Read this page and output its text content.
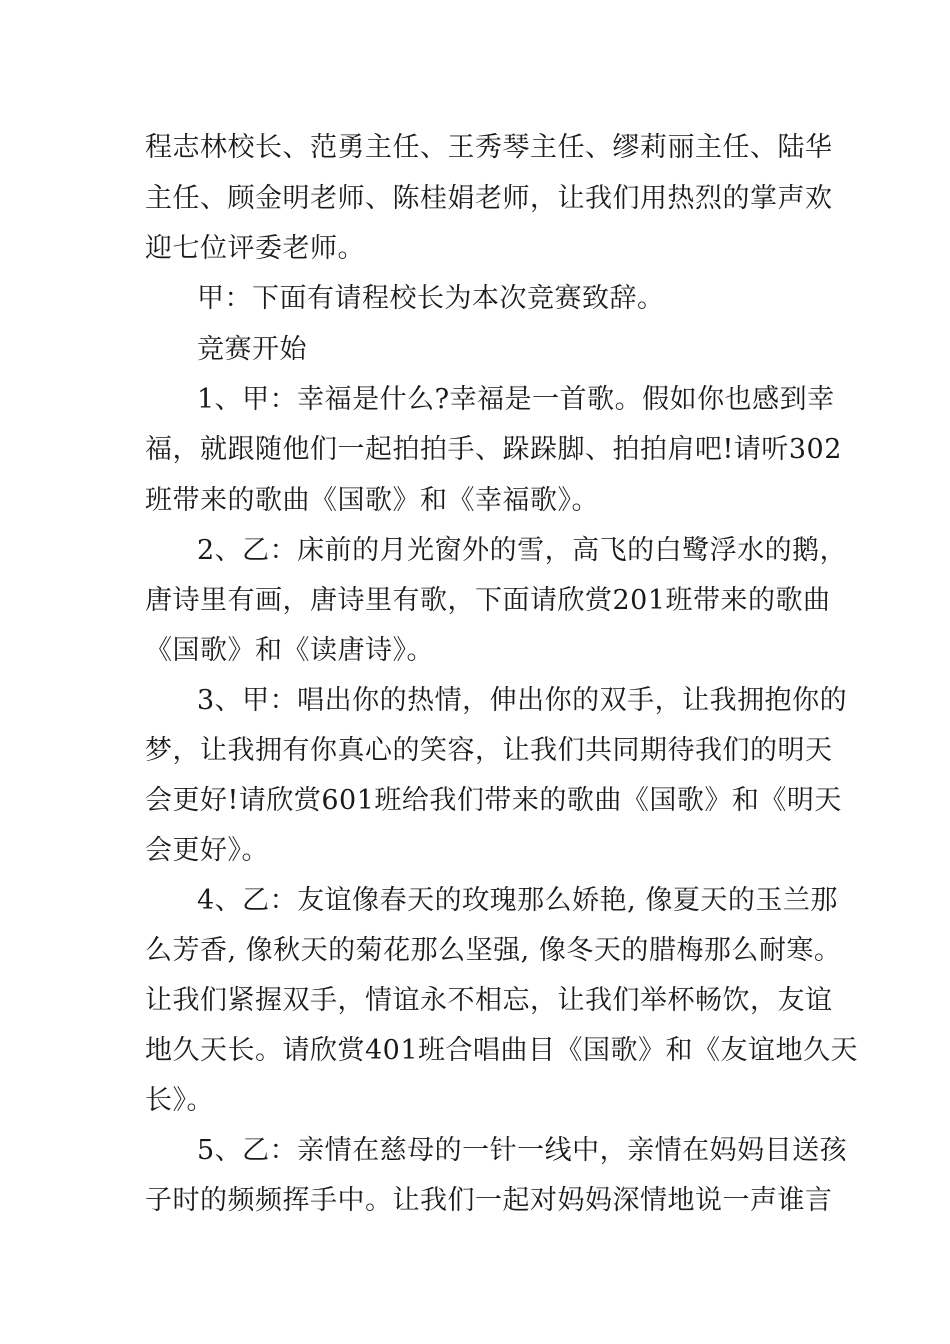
程志林校长、范勇主任、王秀琴主任、缪莉丽主任、陆华
主任、顾金明老师、陈桂娟老师，让我们用热烈的掌声欢
迎七位评委老师。
甲：下面有请程校长为本次竞赛致辞。
竞赛开始
1、甲：幸福是什么?幸福是一首歌。假如你也感到幸
福，就跟随他们一起拍拍手、跺跺脚、拍拍肩吧!请听302
班带来的歌曲《国歌》和《幸福歌》。
2、乙：床前的月光窗外的雪，高飞的白鹭浮水的鹅，
唐诗里有画，唐诗里有歌，下面请欣赏201班带来的歌曲
《国歌》和《读唐诗》。
3、甲：唱出你的热情，伸出你的双手，让我拥抱你的
梦，让我拥有你真心的笑容，让我们共同期待我们的明天
会更好!请欣赏601班给我们带来的歌曲《国歌》和《明天
会更好》。
4、乙：友谊像春天的玫瑰那么娇艳, 像夏天的玉兰那
么芳香, 像秋天的菊花那么坚强, 像冬天的腊梅那么耐寒。
让我们紧握双手，情谊永不相忘，让我们举杯畅饮，友谊
地久天长。请欣赏401班合唱曲目《国歌》和《友谊地久天
长》。
5、乙：亲情在慈母的一针一线中，亲情在妈妈目送孩
子时的频频挥手中。让我们一起对妈妈深情地说一声谁言
